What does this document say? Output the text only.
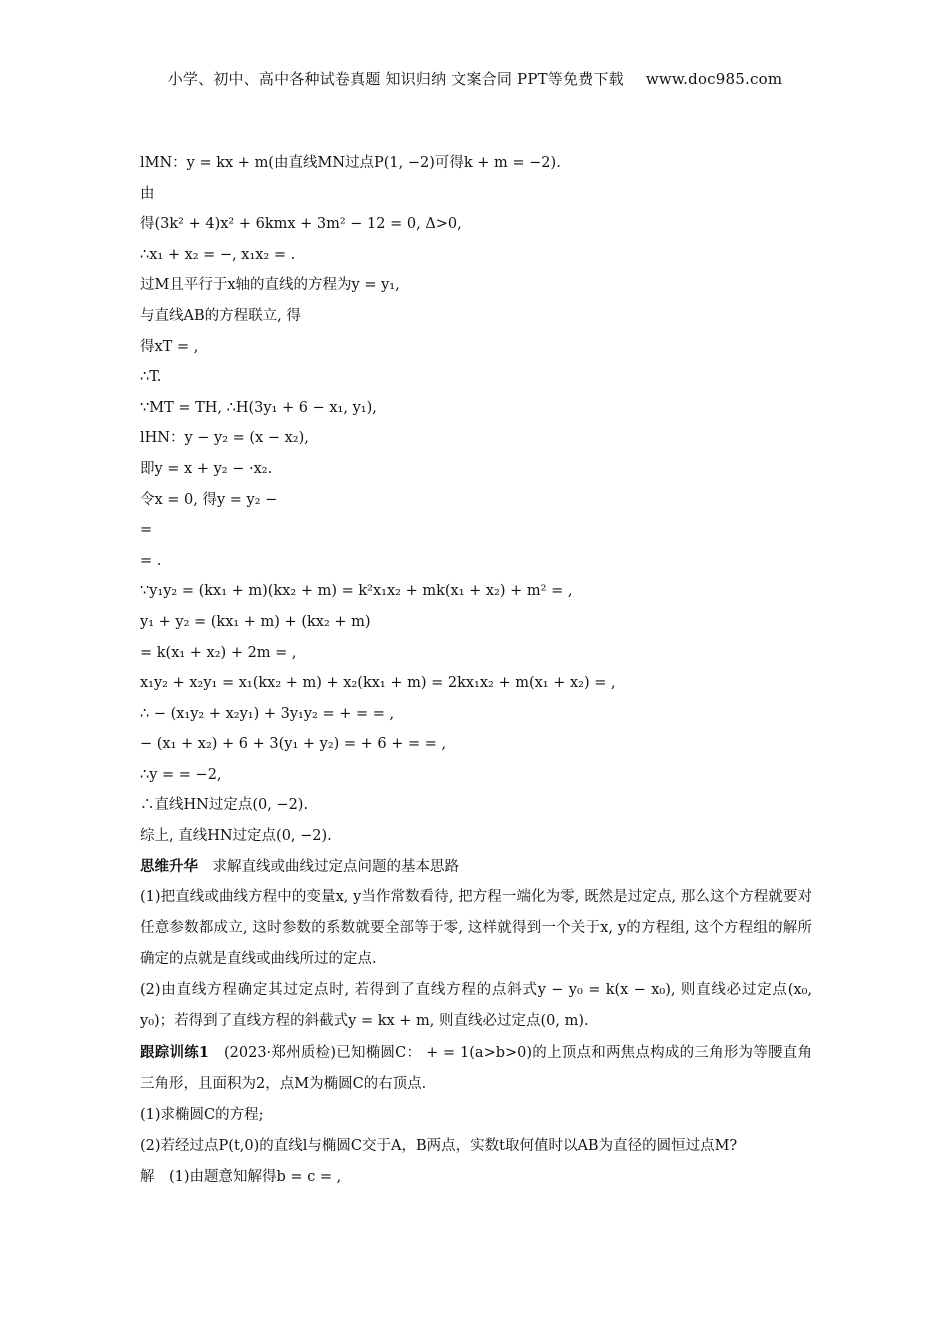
小学、初中、高中各种试卷真题 知识归纳 文案合同 PPT等免费下载 www.doc985.com
lMN：y = kx + m(由直线MN过点P(1, −2)可得k + m = −2).
由
得(3k² + 4)x² + 6kmx + 3m² − 12 = 0, Δ>0,
∴x₁ + x₂ = −, x₁x₂ = .
过M且平行于x轴的直线的方程为y = y₁,
与直线AB的方程联立, 得
得xT = ,
∴T.
∵MT = TH, ∴H(3y₁ + 6 − x₁, y₁),
lHN：y − y₂ = (x − x₂),
即y = x + y₂ − ·x₂.
令x = 0, 得y = y₂ −
=
= .
∵y₁y₂ = (kx₁ + m)(kx₂ + m) = k²x₁x₂ + mk(x₁ + x₂) + m² = ,
y₁ + y₂ = (kx₁ + m) + (kx₂ + m)
= k(x₁ + x₂) + 2m = ,
x₁y₂ + x₂y₁ = x₁(kx₂ + m) + x₂(kx₁ + m) = 2kx₁x₂ + m(x₁ + x₂) = ,
∴ − (x₁y₂ + x₂y₁) + 3y₁y₂ = + = = ,
− (x₁ + x₂) + 6 + 3(y₁ + y₂) = + 6 + = = ,
∴y = = −2,
∴直线HN过定点(0, −2).
综上, 直线HN过定点(0, −2).
思维升华　 求解直线或曲线过定点问题的基本思路
(1)把直线或曲线方程中的变量x, y当作常数看待, 把方程一端化为零, 既然是过定点, 那么这个方程就要对任意参数都成立, 这时参数的系数就要全部等于零, 这样就得到一个关于x, y的方程组, 这个方程组的解所确定的点就是直线或曲线所过的定点.
(2)由直线方程确定其过定点时, 若得到了直线方程的点斜式y − y₀ = k(x − x₀), 则直线必过定点(x₀, y₀)；若得到了直线方程的斜截式y = kx + m, 则直线必过定点(0, m).
跟踪训练1　 (2023·郑州质检)已知椭圆C： + = 1(a>b>0)的上顶点和两焦点构成的三角形为等腰直角三角形，且面积为2，点M为椭圆C的右顶点.
(1)求椭圆C的方程;
(2)若经过点P(t,0)的直线l与椭圆C交于A，B两点，实数t取何值时以AB为直径的圆恒过点M?
解　(1)由题意知解得b = c = ,
